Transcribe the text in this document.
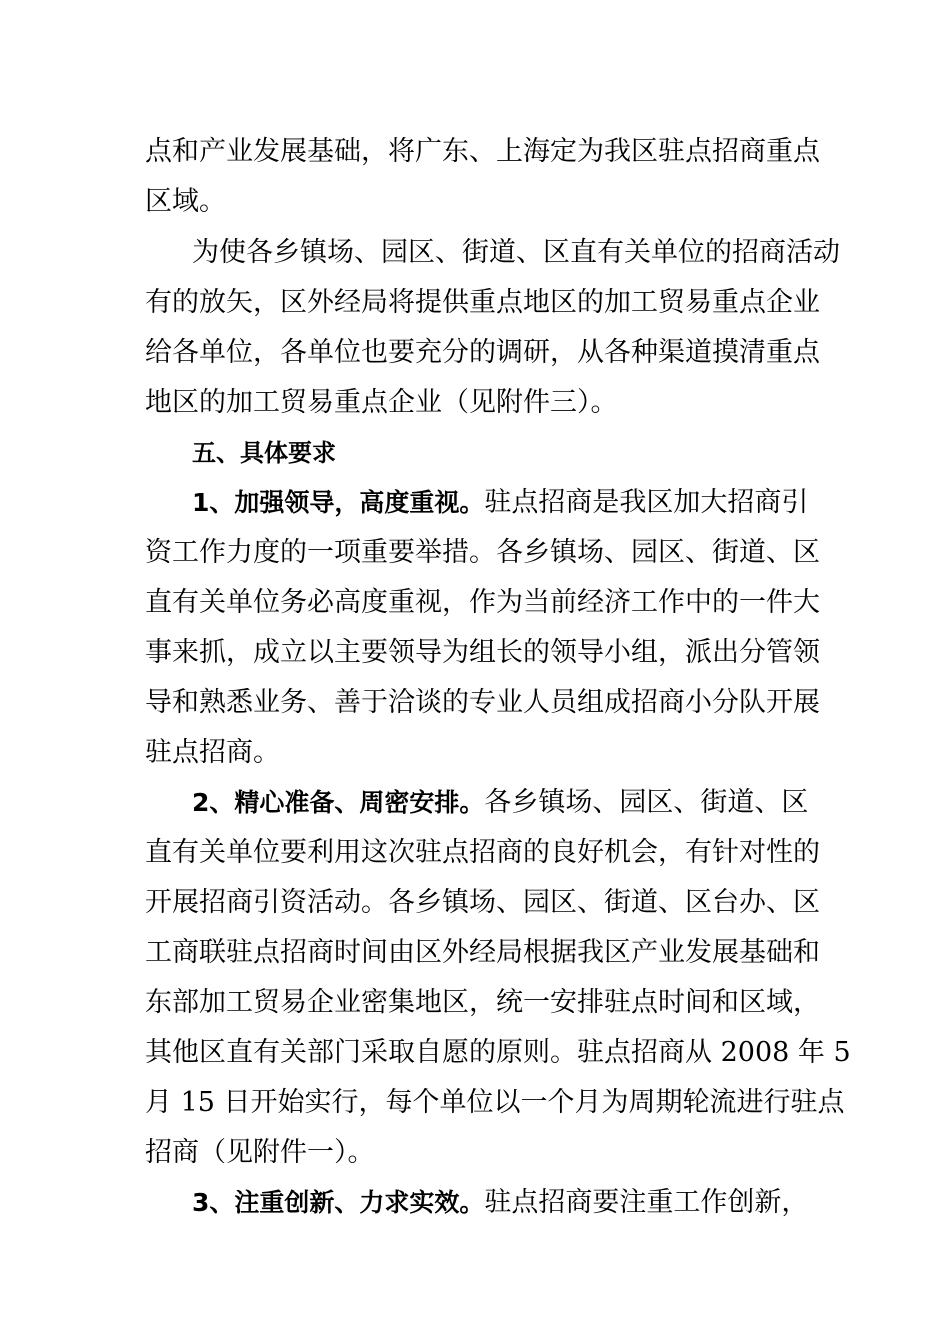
点和产业发展基础，将广东、上海定为我区驻点招商重点
区域。
为使各乡镇场、园区、街道、区直有关单位的招商活动
有的放矢，区外经局将提供重点地区的加工贸易重点企业
给各单位，各单位也要充分的调研，从各种渠道摸清重点
地区的加工贸易重点企业（见附件三）。
五、具体要求
1、加强领导，高度重视。驻点招商是我区加大招商引
资工作力度的一项重要举措。各乡镇场、园区、街道、区
直有关单位务必高度重视，作为当前经济工作中的一件大
事来抓，成立以主要领导为组长的领导小组，派出分管领
导和熟悉业务、善于洽谈的专业人员组成招商小分队开展
驻点招商。
2、精心准备、周密安排。各乡镇场、园区、街道、区
直有关单位要利用这次驻点招商的良好机会，有针对性的
开展招商引资活动。各乡镇场、园区、街道、区台办、区
工商联驻点招商时间由区外经局根据我区产业发展基础和
东部加工贸易企业密集地区，统一安排驻点时间和区域，
其他区直有关部门采取自愿的原则。驻点招商从 2008 年 5
月 15 日开始实行，每个单位以一个月为周期轮流进行驻点
招商（见附件一）。
3、注重创新、力求实效。驻点招商要注重工作创新，
